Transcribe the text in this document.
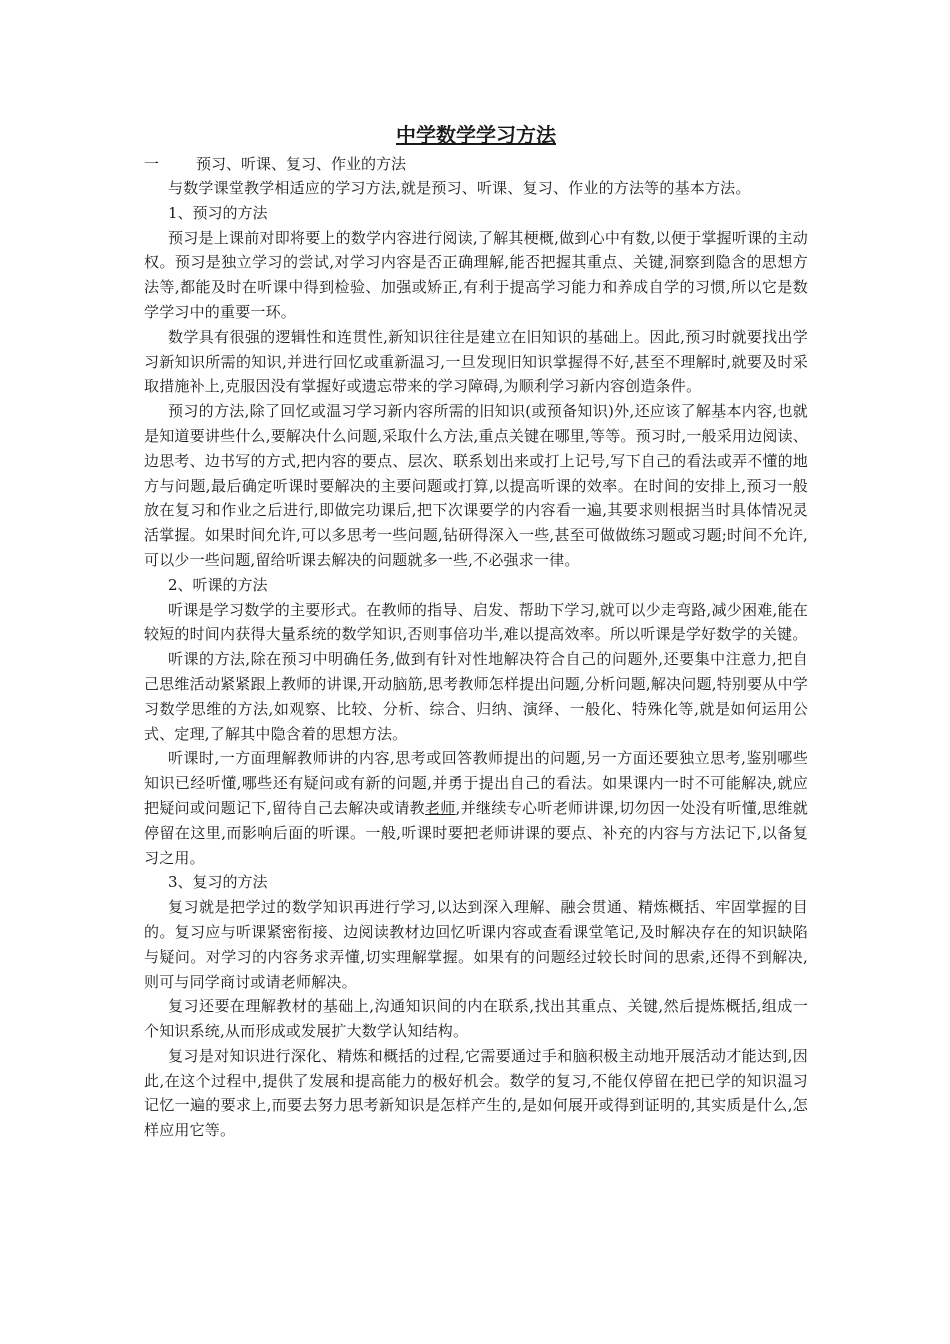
中学数学学习方法

一 预习、听课、复习、作业的方法

与数学课堂教学相适应的学习方法,就是预习、听课、复习、作业的方法等的基本方法。

1、预习的方法

预习是上课前对即将要上的数学内容进行阅读,了解其梗概,做到心中有数,以便于掌握听课的主动权。预习是独立学习的尝试,对学习内容是否正确理解,能否把握其重点、关键,洞察到隐含的思想方法等,都能及时在听课中得到检验、加强或矫正,有利于提高学习能力和养成自学的习惯,所以它是数学学习中的重要一环。

数学具有很强的逻辑性和连贯性,新知识往往是建立在旧知识的基础上。因此,预习时就要找出学习新知识所需的知识,并进行回忆或重新温习,一旦发现旧知识掌握得不好,甚至不理解时,就要及时采取措施补上,克服因没有掌握好或遗忘带来的学习障碍,为顺利学习新内容创造条件。

预习的方法,除了回忆或温习学习新内容所需的旧知识(或预备知识)外,还应该了解基本内容,也就是知道要讲些什么,要解决什么问题,采取什么方法,重点关键在哪里,等等。预习时,一般采用边阅读、边思考、边书写的方式,把内容的要点、层次、联系划出来或打上记号,写下自己的看法或弄不懂的地方与问题,最后确定听课时要解决的主要问题或打算,以提高听课的效率。在时间的安排上,预习一般放在复习和作业之后进行,即做完功课后,把下次课要学的内容看一遍,其要求则根据当时具体情况灵活掌握。如果时间允许,可以多思考一些问题,钻研得深入一些,甚至可做做练习题或习题;时间不允许,可以少一些问题,留给听课去解决的问题就多一些,不必强求一律。

2、听课的方法

听课是学习数学的主要形式。在教师的指导、启发、帮助下学习,就可以少走弯路,减少困难,能在较短的时间内获得大量系统的数学知识,否则事倍功半,难以提高效率。所以听课是学好数学的关键。

听课的方法,除在预习中明确任务,做到有针对性地解决符合自己的问题外,还要集中注意力,把自己思维活动紧紧跟上教师的讲课,开动脑筋,思考教师怎样提出问题,分析问题,解决问题,特别要从中学习数学思维的方法,如观察、比较、分析、综合、归纳、演绎、一般化、特殊化等,就是如何运用公式、定理,了解其中隐含着的思想方法。

听课时,一方面理解教师讲的内容,思考或回答教师提出的问题,另一方面还要独立思考,鉴别哪些知识已经听懂,哪些还有疑问或有新的问题,并勇于提出自己的看法。如果课内一时不可能解决,就应把疑问或问题记下,留待自己去解决或请教老师,并继续专心听老师讲课,切勿因一处没有听懂,思维就停留在这里,而影响后面的听课。一般,听课时要把老师讲课的要点、补充的内容与方法记下,以备复习之用。

3、复习的方法

复习就是把学过的数学知识再进行学习,以达到深入理解、融会贯通、精炼概括、牢固掌握的目的。复习应与听课紧密衔接、边阅读教材边回忆听课内容或查看课堂笔记,及时解决存在的知识缺陷与疑问。对学习的内容务求弄懂,切实理解掌握。如果有的问题经过较长时间的思索,还得不到解决,则可与同学商讨或请老师解决。

复习还要在理解教材的基础上,沟通知识间的内在联系,找出其重点、关键,然后提炼概括,组成一个知识系统,从而形成或发展扩大数学认知结构。

复习是对知识进行深化、精炼和概括的过程,它需要通过手和脑积极主动地开展活动才能达到,因此,在这个过程中,提供了发展和提高能力的极好机会。数学的复习,不能仅停留在把已学的知识温习记忆一遍的要求上,而要去努力思考新知识是怎样产生的,是如何展开或得到证明的,其实质是什么,怎样应用它等。
